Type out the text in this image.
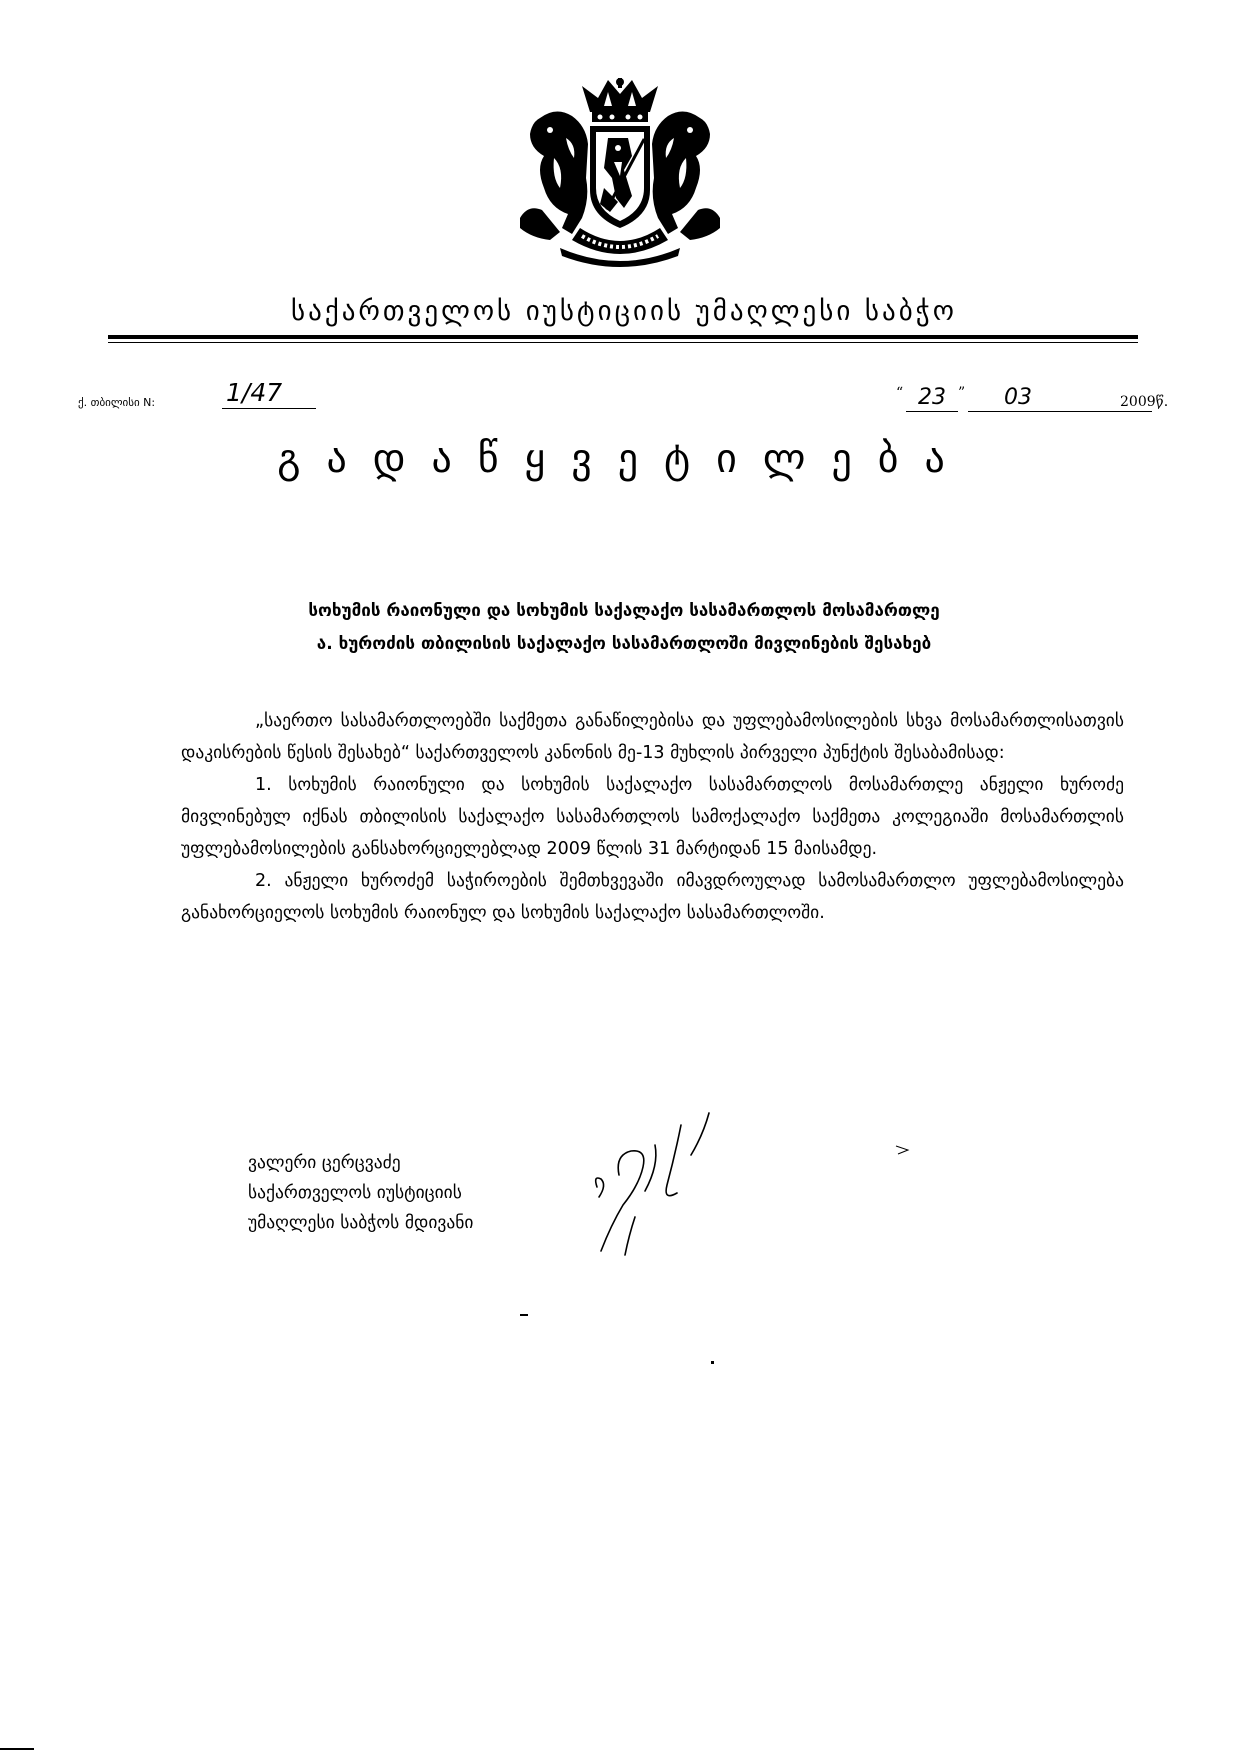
საქართველოს იუსტიციის უმაღლესი საბჭო
ქ. თბილისი N:	1/47	“ 23 ”	03	2009წ.
გადაწყვეტილება
სოხუმის რაიონული და სოხუმის საქალაქო სასამართლოს მოსამართლე
ა. ხუროძის თბილისის საქალაქო სასამართლოში მივლინების შესახებ

„საერთო სასამართლოებში საქმეთა განაწილებისა და უფლებამოსილების სხვა მოსამართლისათვის დაკისრების წესის შესახებ“ საქართველოს კანონის მე-13 მუხლის პირველი პუნქტის შესაბამისად:

1. სოხუმის რაიონული და სოხუმის საქალაქო სასამართლოს მოსამართლე ანჟელი ხუროძე მივლინებულ იქნას თბილისის საქალაქო სასამართლოს სამოქალაქო საქმეთა კოლეგიაში მოსამართლის უფლებამოსილების განსახორციელებლად 2009 წლის 31 მარტიდან 15 მაისამდე.

2. ანჟელი ხუროძემ საჭიროების შემთხვევაში იმავდროულად სამოსამართლო უფლებამოსილება განახორციელოს სოხუმის რაიონულ და სოხუმის საქალაქო სასამართლოში.

ვალერი ცერცვაძე
საქართველოს იუსტიციის
უმაღლესი საბჭოს მდივანი
